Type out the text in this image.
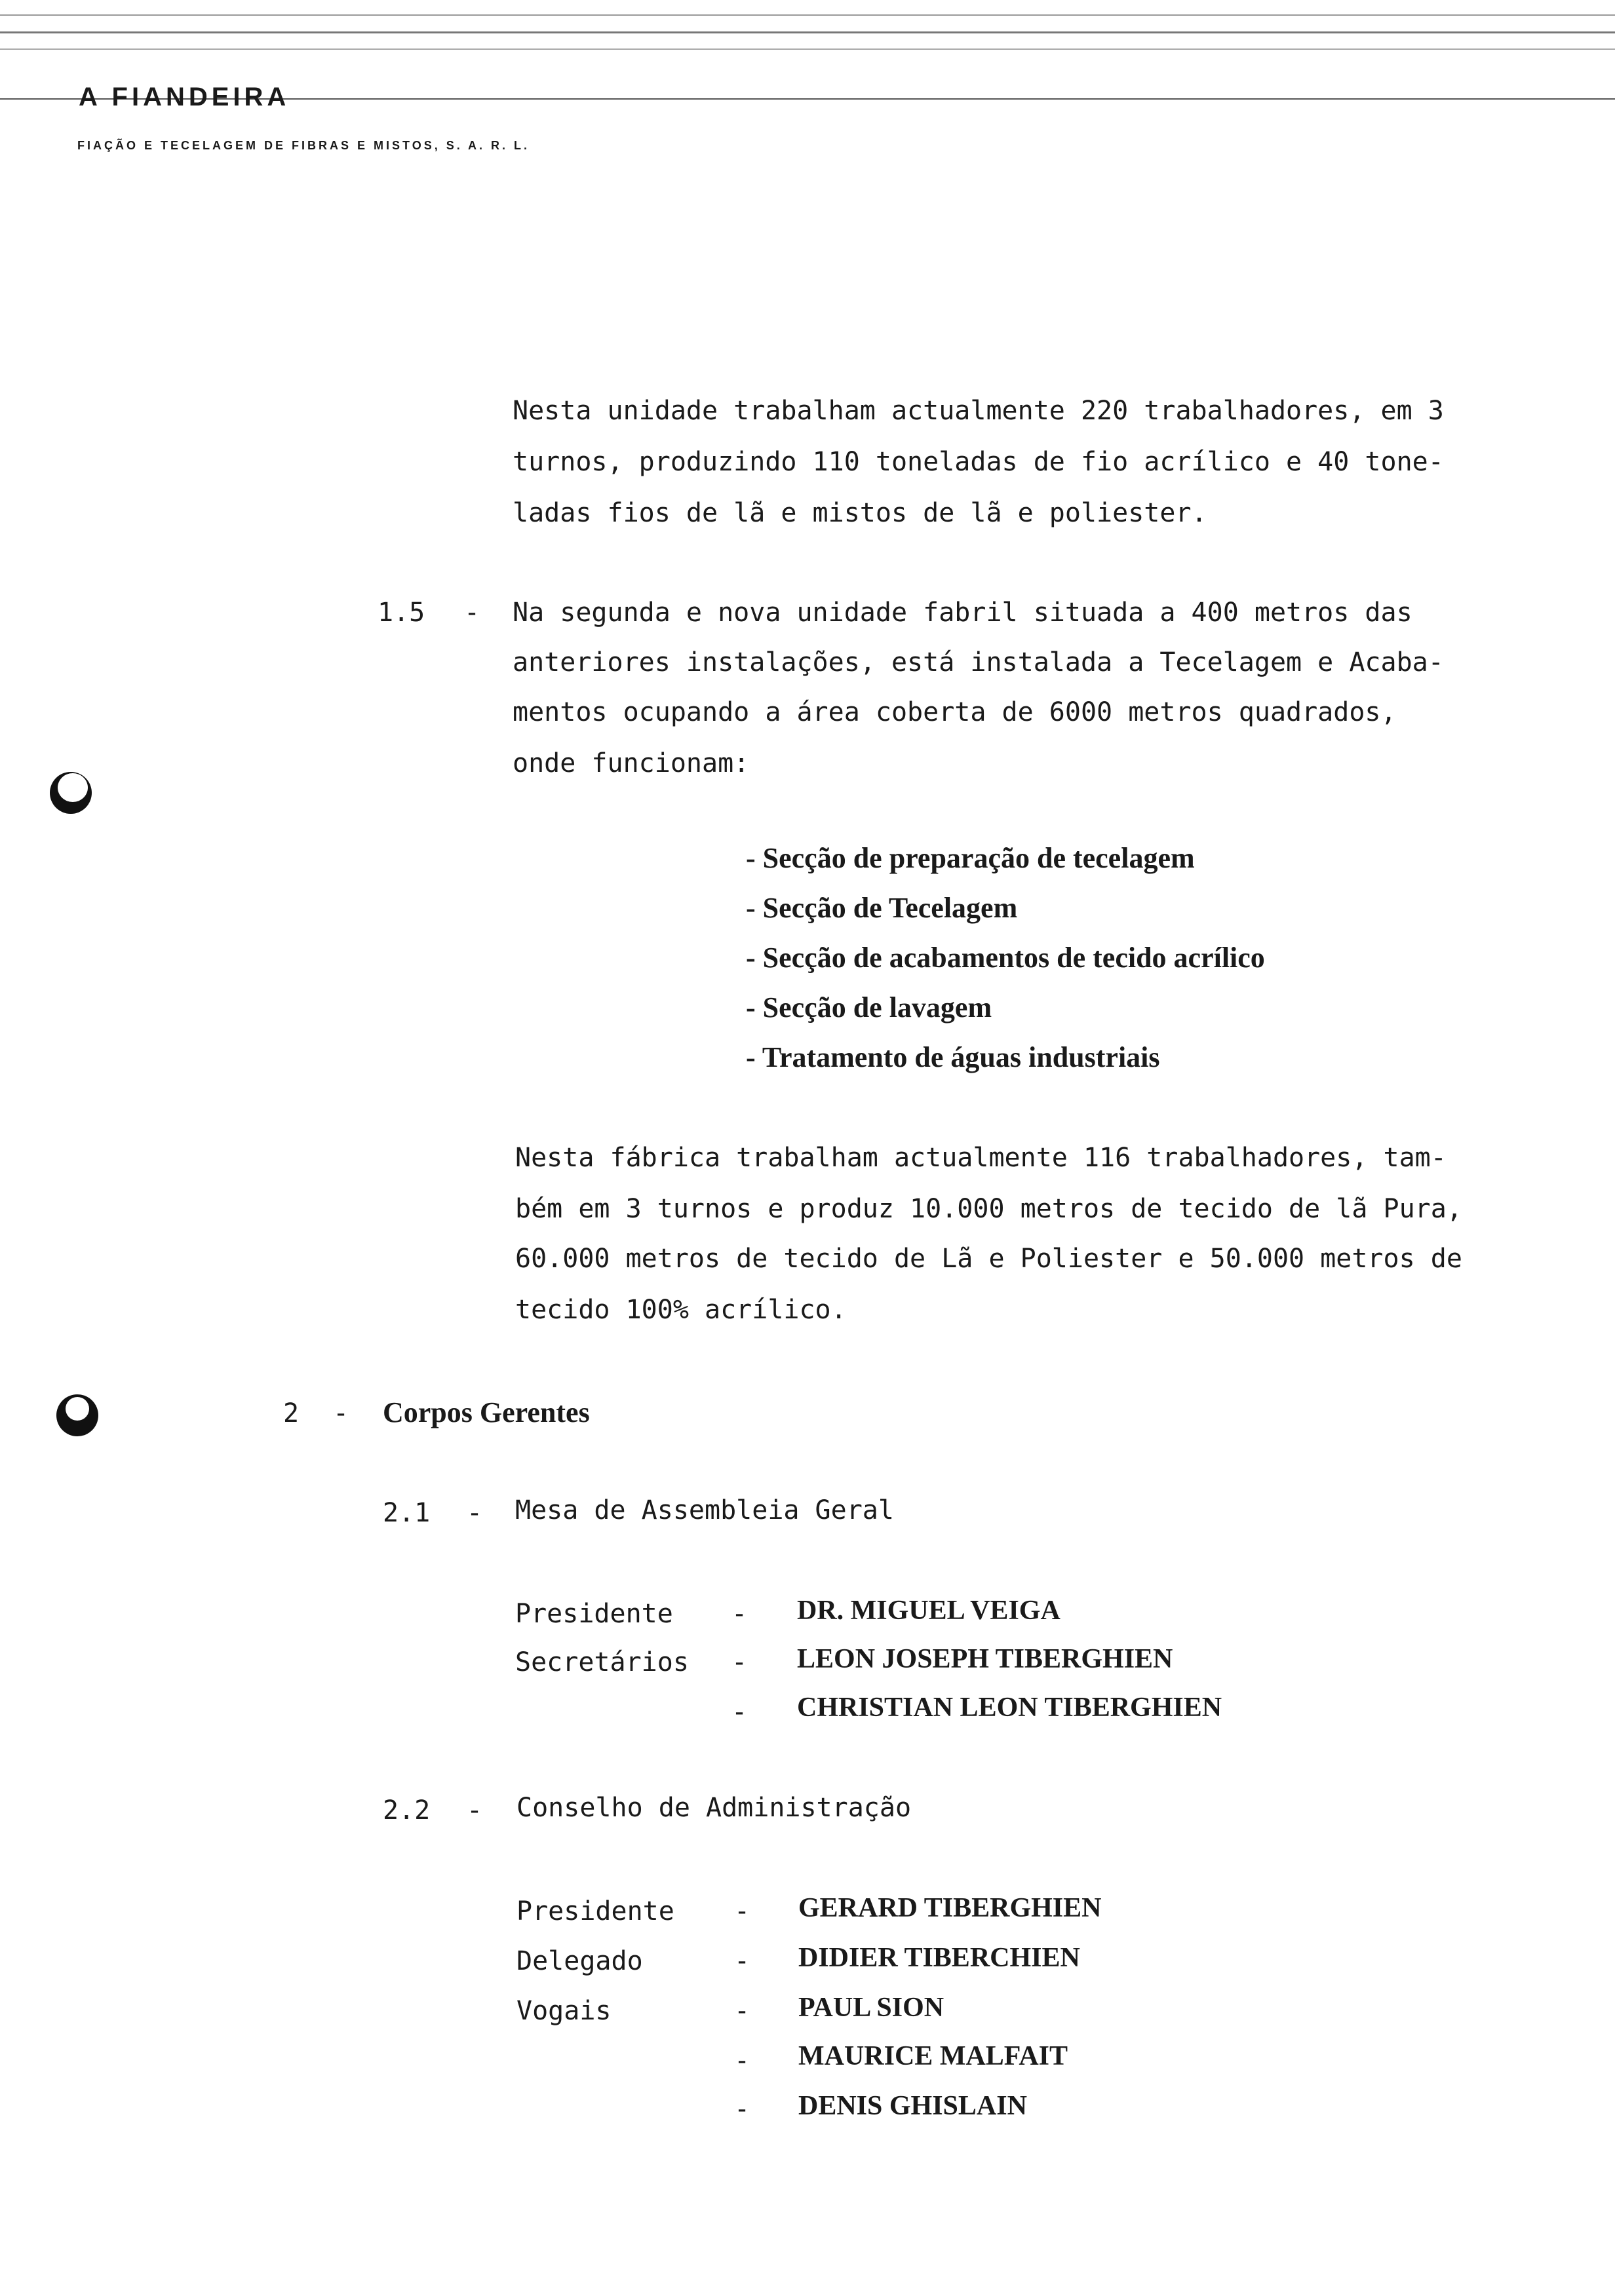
A FIANDEIRA
FIAÇÃO E TECELAGEM DE FIBRAS E MISTOS, S. A. R. L.
Nesta unidade trabalham actualmente 220 trabalhadores, em 3
turnos, produzindo 110 toneladas de fio acrílico e 40 tone-
ladas fios de lã e mistos de lã e poliester.
1.5 - Na segunda e nova unidade fabril situada a 400 metros das
anteriores instalações, está instalada a Tecelagem e Acaba-
mentos ocupando a área coberta de 6000 metros quadrados,
onde funcionam:
- Secção de preparação de tecelagem
- Secção de Tecelagem
- Secção de acabamentos de tecido acrílico
- Secção de lavagem
- Tratamento de águas industriais
Nesta fábrica trabalham actualmente 116 trabalhadores, tam-
bém em 3 turnos e produz 10.000 metros de tecido de lã Pura,
60.000 metros de tecido de Lã e Poliester e 50.000 metros de
tecido 100% acrílico.
2 - Corpos Gerentes
2.1 - Mesa de Assembleia Geral
Presidente - DR. MIGUEL VEIGA
Secretários - LEON JOSEPH TIBERGHIEN
- CHRISTIAN LEON TIBERGHIEN
2.2 - Conselho de Administração
Presidente - GERARD TIBERGHIEN
Delegado	- DIDIER TIBERCHIEN
Vogais	- PAUL SION
- MAURICE MALFAIT
- DENIS GHISLAIN
